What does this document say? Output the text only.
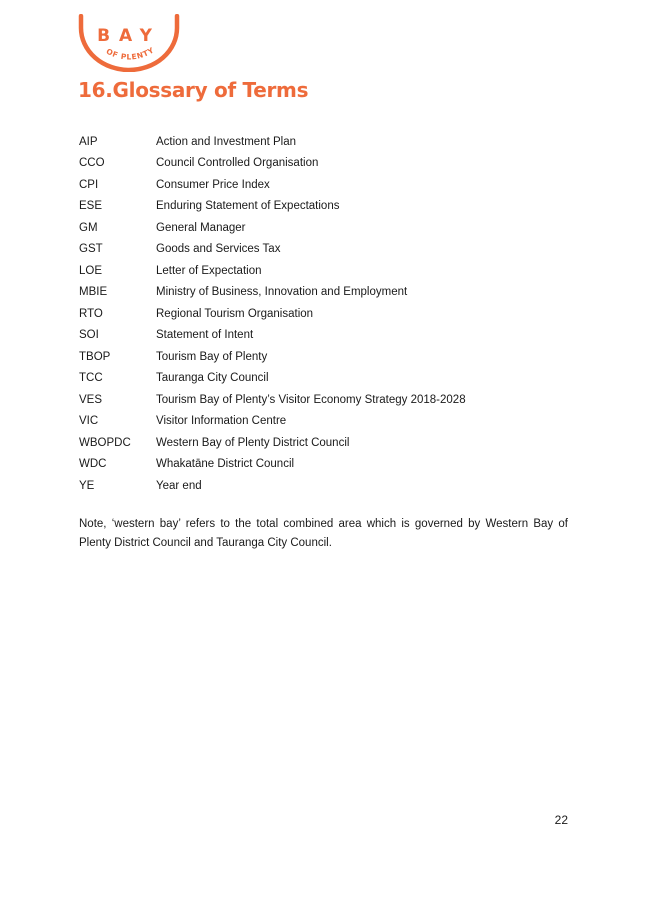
BAY
OF PLENTY
16.Glossary of Terms
AIP	Action and Investment Plan
CCO	Council Controlled Organisation
CPI	Consumer Price Index
ESE	Enduring Statement of Expectations
GM	General Manager
GST	Goods and Services Tax
LOE	Letter of Expectation
MBIE	Ministry of Business, Innovation and Employment
RTO	Regional Tourism Organisation
SOI	Statement of Intent
TBOP	Tourism Bay of Plenty
TCC	Tauranga City Council
VES	Tourism Bay of Plenty’s Visitor Economy Strategy 2018-2028
VIC	Visitor Information Centre
WBOPDC	Western Bay of Plenty District Council
WDC	Whakatāne District Council
YE	Year end

Note, ‘western bay’ refers to the total combined area which is governed by Western Bay of Plenty District Council and Tauranga City Council.

22
